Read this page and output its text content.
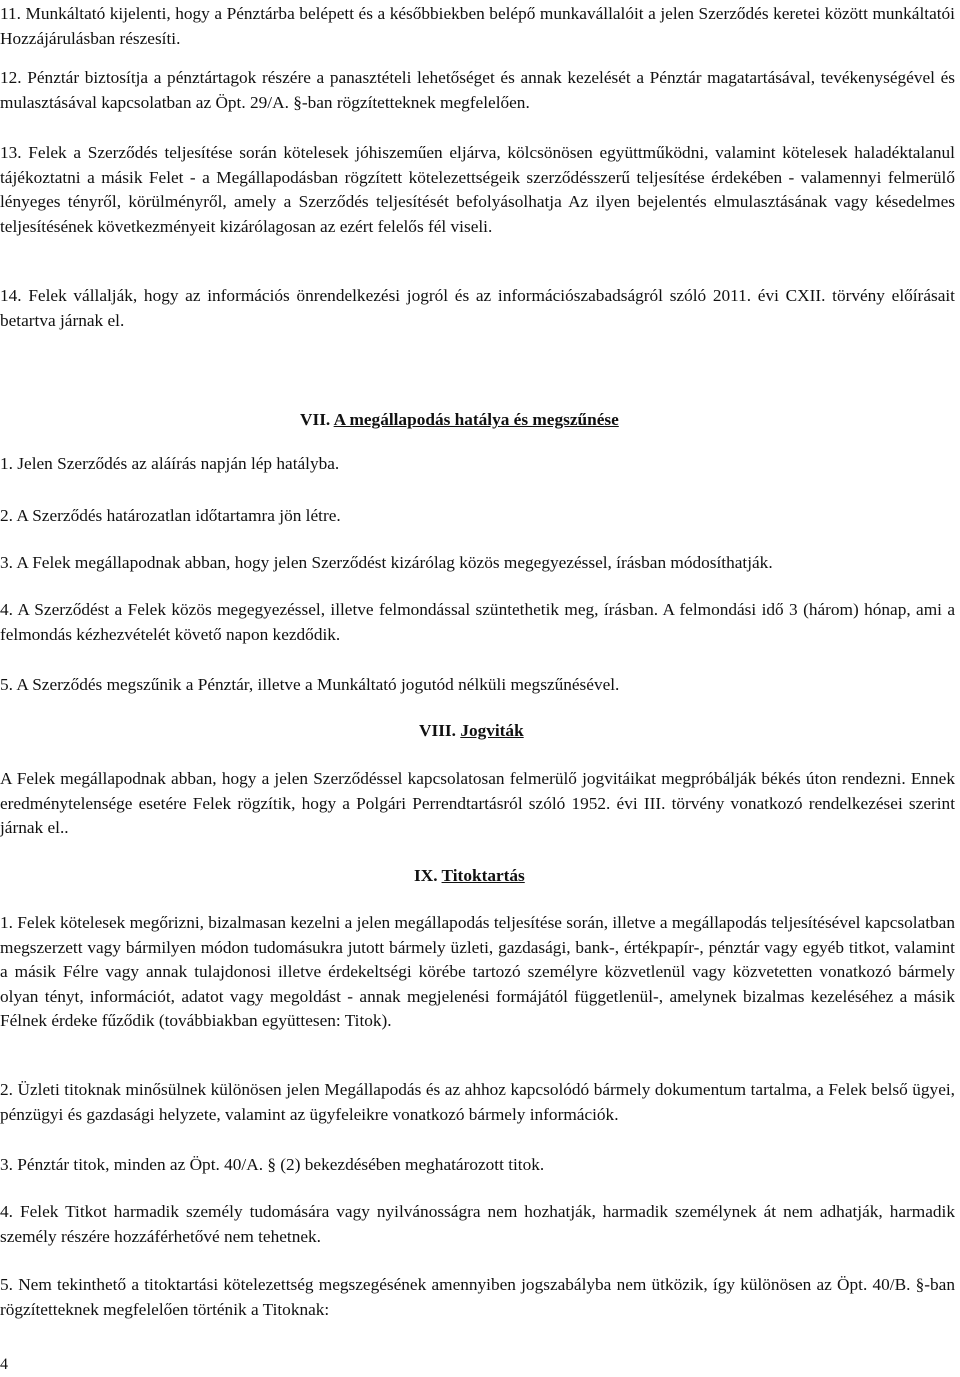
11. Munkáltató kijelenti, hogy a Pénztárba belépett és a későbbiekben belépő munkavállalóit a jelen Szerződés keretei között munkáltatói Hozzájárulásban részesíti.

12. Pénztár biztosítja a pénztártagok részére a panasztételi lehetőséget és annak kezelését a Pénztár magatartásával, tevékenységével és mulasztásával kapcsolatban az Öpt. 29/A. §-ban rögzítetteknek megfelelően.

13. Felek a Szerződés teljesítése során kötelesek jóhiszeműen eljárva, kölcsönösen együttműködni, valamint kötelesek haladéktalanul tájékoztatni a másik Felet - a Megállapodásban rögzített kötelezettségeik szerződésszerű teljesítése érdekében - valamennyi felmerülő lényeges tényről, körülményről, amely a Szerződés teljesítését befolyásolhatja Az ilyen bejelentés elmulasztásának vagy késedelmes teljesítésének következményeit kizárólagosan az ezért felelős fél viseli.

14. Felek vállalják, hogy az információs önrendelkezési jogról és az információszabadságról szóló 2011. évi CXII. törvény előírásait betartva járnak el.

VII. A megállapodás hatálya és megszűnése

1. Jelen Szerződés az aláírás napján lép hatályba.

2. A Szerződés határozatlan időtartamra jön létre.

3. A Felek megállapodnak abban, hogy jelen Szerződést kizárólag közös megegyezéssel, írásban módosíthatják.

4. A Szerződést a Felek közös megegyezéssel, illetve felmondással szüntethetik meg, írásban. A felmondási idő 3 (három) hónap, ami a felmondás kézhezvételét követő napon kezdődik.

5. A Szerződés megszűnik a Pénztár, illetve a Munkáltató jogutód nélküli megszűnésével.

VIII. Jogviták

A Felek megállapodnak abban, hogy a jelen Szerződéssel kapcsolatosan felmerülő jogvitáikat megpróbálják békés úton rendezni. Ennek eredménytelensége esetére Felek rögzítik, hogy a Polgári Perrendtartásról szóló 1952. évi III. törvény vonatkozó rendelkezései szerint járnak el..

IX. Titoktartás

1. Felek kötelesek megőrizni, bizalmasan kezelni a jelen megállapodás teljesítése során, illetve a megállapodás teljesítésével kapcsolatban megszerzett vagy bármilyen módon tudomásukra jutott bármely üzleti, gazdasági, bank-, értékpapír-, pénztár vagy egyéb titkot, valamint a másik Félre vagy annak tulajdonosi illetve érdekeltségi körébe tartozó személyre közvetlenül vagy közvetetten vonatkozó bármely olyan tényt, információt, adatot vagy megoldást - annak megjelenési formájától függetlenül-, amelynek bizalmas kezeléséhez a másik Félnek érdeke fűződik (továbbiakban együttesen: Titok).

2. Üzleti titoknak minősülnek különösen jelen Megállapodás és az ahhoz kapcsolódó bármely dokumentum tartalma, a Felek belső ügyei, pénzügyi és gazdasági helyzete, valamint az ügyfeleikre vonatkozó bármely információk.

3. Pénztár titok, minden az Öpt. 40/A. § (2) bekezdésében meghatározott titok.

4. Felek Titkot harmadik személy tudomására vagy nyilvánosságra nem hozhatják, harmadik személynek át nem adhatják, harmadik személy részére hozzáférhetővé nem tehetnek.

5. Nem tekinthető a titoktartási kötelezettség megszegésének amennyiben jogszabályba nem ütközik, így különösen az Öpt. 40/B. §-ban rögzítetteknek megfelelően történik a Titoknak:

4
